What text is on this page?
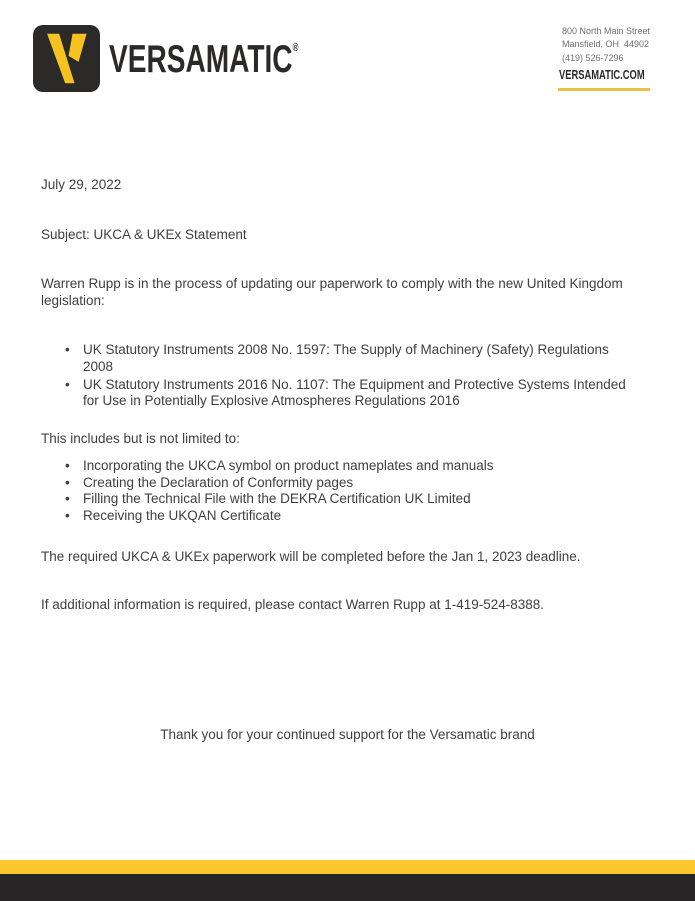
VERSAMATIC®
800 North Main Street
Mansfield, OH  44902
(419) 526-7296
VERSAMATIC.COM
July 29, 2022
Subject: UKCA & UKEx Statement
Warren Rupp is in the process of updating our paperwork to comply with the new United Kingdom legislation:
• UK Statutory Instruments 2008 No. 1597: The Supply of Machinery (Safety) Regulations 2008
• UK Statutory Instruments 2016 No. 1107: The Equipment and Protective Systems Intended for Use in Potentially Explosive Atmospheres Regulations 2016
This includes but is not limited to:
• Incorporating the UKCA symbol on product nameplates and manuals
• Creating the Declaration of Conformity pages
• Filling the Technical File with the DEKRA Certification UK Limited
• Receiving the UKQAN Certificate
The required UKCA & UKEx paperwork will be completed before the Jan 1, 2023 deadline.
If additional information is required, please contact Warren Rupp at 1-419-524-8388.
Thank you for your continued support for the Versamatic brand
